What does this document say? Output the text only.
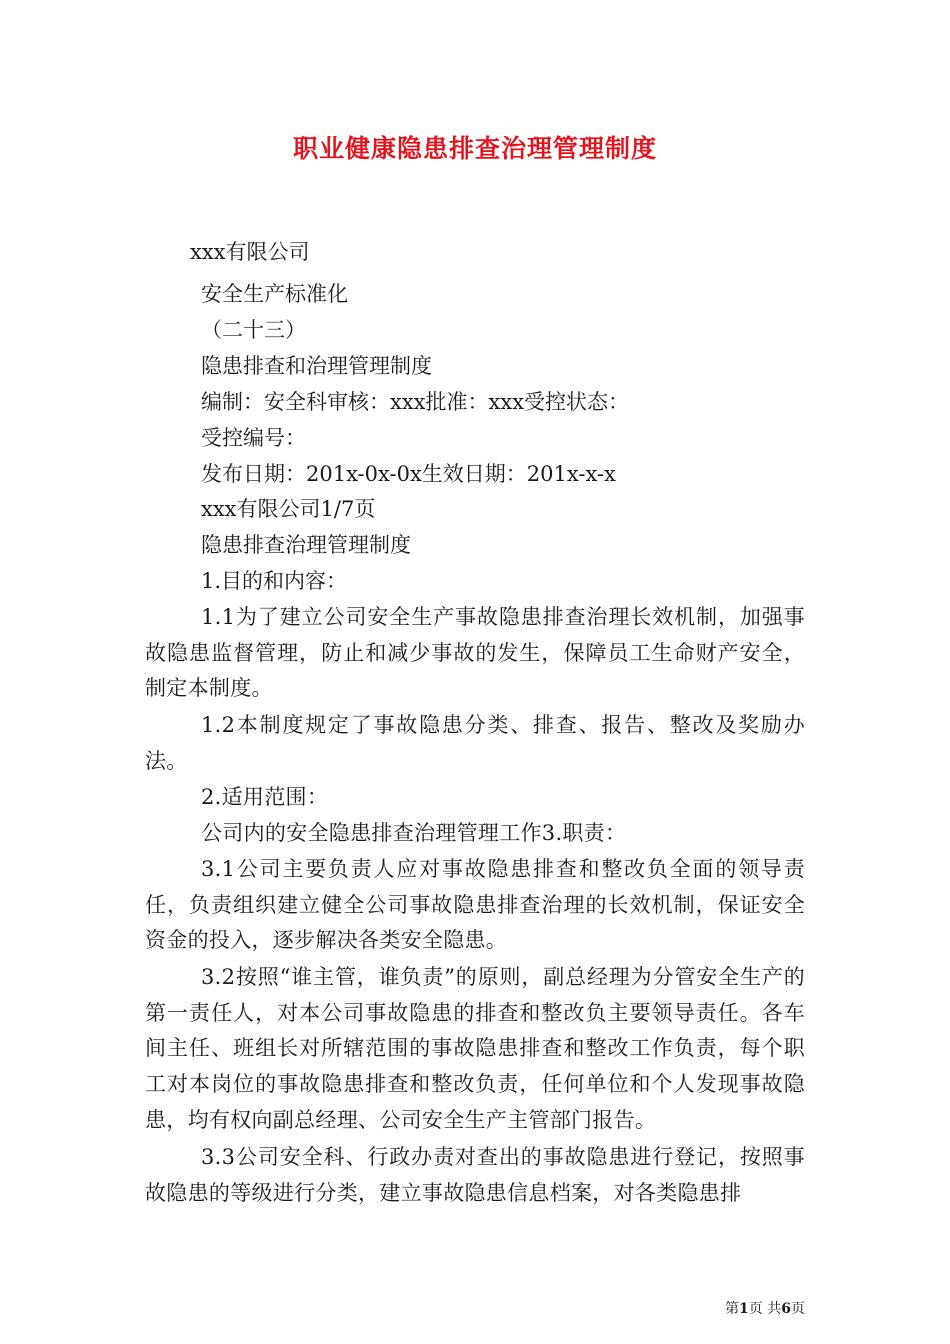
职业健康隐患排查治理管理制度
xxx有限公司
安全生产标准化
（二十三）
隐患排查和治理管理制度
编制：安全科审核：xxx批准：xxx受控状态：
受控编号：
发布日期：201x-0x-0x生效日期：201x-x-x
xxx有限公司1/7页
隐患排查治理管理制度
1.目的和内容：
1.1为了建立公司安全生产事故隐患排查治理长效机制，加强事故隐患监督管理，防止和减少事故的发生，保障员工生命财产安全，制定本制度。
1.2本制度规定了事故隐患分类、排查、报告、整改及奖励办法。
2.适用范围：
公司内的安全隐患排查治理管理工作3.职责：
3.1公司主要负责人应对事故隐患排查和整改负全面的领导责任，负责组织建立健全公司事故隐患排查治理的长效机制，保证安全资金的投入，逐步解决各类安全隐患。
3.2按照“谁主管，谁负责”的原则，副总经理为分管安全生产的第一责任人，对本公司事故隐患的排查和整改负主要领导责任。各车间主任、班组长对所辖范围的事故隐患排查和整改工作负责，每个职工对本岗位的事故隐患排查和整改负责，任何单位和个人发现事故隐患，均有权向副总经理、公司安全生产主管部门报告。
3.3公司安全科、行政办责对查出的事故隐患进行登记，按照事故隐患的等级进行分类，建立事故隐患信息档案，对各类隐患排
第1页 共6页
